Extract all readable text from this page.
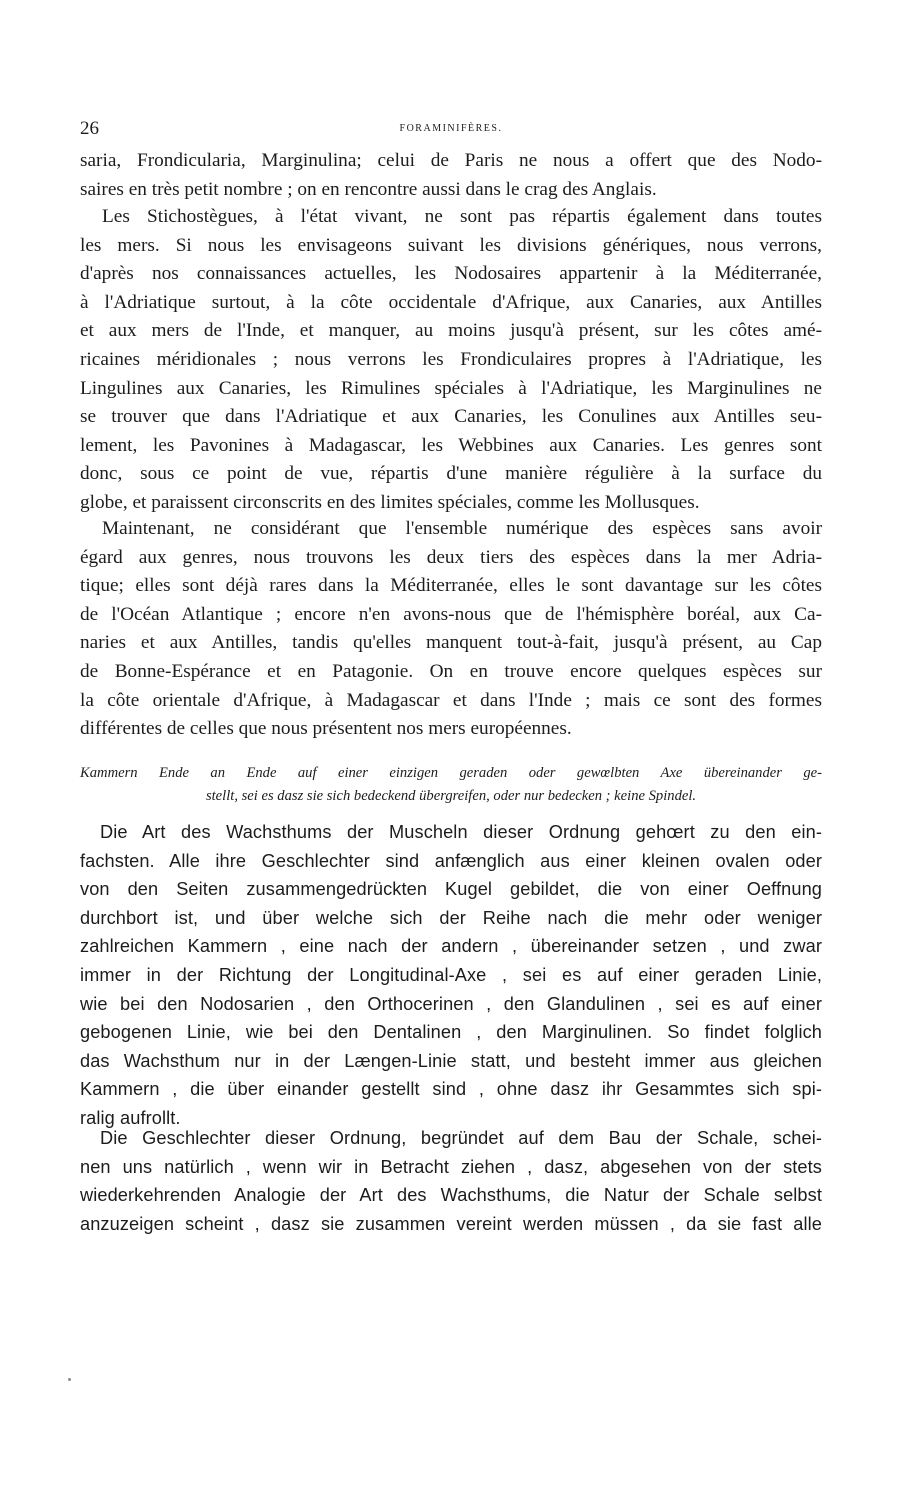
26	FORAMINIFÈRES.
saria, Frondicularia, Marginulina; celui de Paris ne nous a offert que des Nodo-
saires en très petit nombre ; on en rencontre aussi dans le crag des Anglais.
Les Stichostègues, à l'état vivant, ne sont pas répartis également dans toutes
les mers. Si nous les envisageons suivant les divisions génériques, nous verrons,
d'après nos connaissances actuelles, les Nodosaires appartenir à la Méditerranée,
à l'Adriatique surtout, à la côte occidentale d'Afrique, aux Canaries, aux Antilles
et aux mers de l'Inde, et manquer, au moins jusqu'à présent, sur les côtes amé-
ricaines méridionales ; nous verrons les Frondiculaires propres à l'Adriatique, les
Lingulines aux Canaries, les Rimulines spéciales à l'Adriatique, les Marginulines ne
se trouver que dans l'Adriatique et aux Canaries, les Conulines aux Antilles seu-
lement, les Pavonines à Madagascar, les Webbines aux Canaries. Les genres sont
donc, sous ce point de vue, répartis d'une manière régulière à la surface du
globe, et paraissent circonscrits en des limites spéciales, comme les Mollusques.
Maintenant, ne considérant que l'ensemble numérique des espèces sans avoir
égard aux genres, nous trouvons les deux tiers des espèces dans la mer Adria-
tique; elles sont déjà rares dans la Méditerranée, elles le sont davantage sur les côtes
de l'Océan Atlantique ; encore n'en avons-nous que de l'hémisphère boréal, aux Ca-
naries et aux Antilles, tandis qu'elles manquent tout-à-fait, jusqu'à présent, au Cap
de Bonne-Espérance et en Patagonie. On en trouve encore quelques espèces sur
la côte orientale d'Afrique, à Madagascar et dans l'Inde ; mais ce sont des formes
différentes de celles que nous présentent nos mers européennes.
Kammern Ende an Ende auf einer einzigen geraden oder gewœlbten Axe übereinander ge-
stellt, sei es dasz sie sich bedeckend übergreifen, oder nur bedecken ; keine Spindel.
Die Art des Wachsthums der Muscheln dieser Ordnung gehœrt zu den ein-
fachsten. Alle ihre Geschlechter sind anfænglich aus einer kleinen ovalen oder
von den Seiten zusammengedrückten Kugel gebildet, die von einer Oeffnung
durchbort ist, und über welche sich der Reihe nach die mehr oder weniger
zahlreichen Kammern , eine nach der andern , übereinander setzen , und zwar
immer in der Richtung der Longitudinal-Axe , sei es auf einer geraden Linie,
wie bei den Nodosarien , den Orthocerinen , den Glandulinen , sei es auf einer
gebogenen Linie, wie bei den Dentalinen , den Marginulinen. So findet folglich
das Wachsthum nur in der Længen-Linie statt, und besteht immer aus gleichen
Kammern , die über einander gestellt sind , ohne dasz ihr Gesammtes sich spi-
ralig aufrollt.
Die Geschlechter dieser Ordnung, begründet auf dem Bau der Schale, schei-
nen uns natürlich , wenn wir in Betracht ziehen , dasz, abgesehen von der stets
wiederkehrenden Analogie der Art des Wachsthums, die Natur der Schale selbst
anzuzeigen scheint , dasz sie zusammen vereint werden müssen , da sie fast alle
